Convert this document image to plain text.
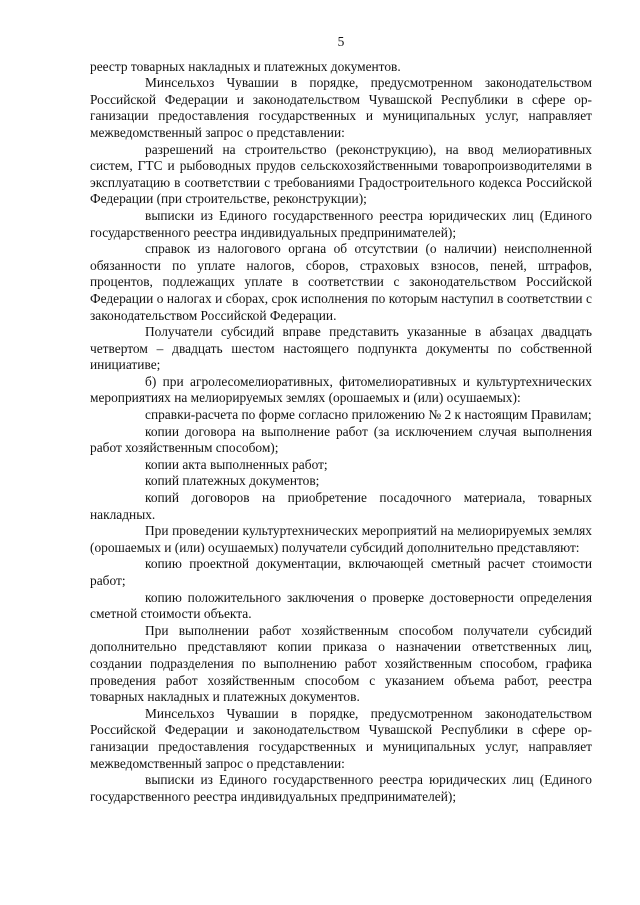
5

реестр товарных накладных и платежных документов.

Минсельхоз Чувашии в порядке, предусмотренном законодательством Российской Федерации и законодательством Чувашской Республики в сфере организации предоставления государственных и муниципальных услуг, направляет межведомственный запрос о представлении:

разрешений на строительство (реконструкцию), на ввод мелиоративных систем, ГТС и рыбоводных прудов сельскохозяйственными товаропроизводителями в эксплуатацию в соответствии с требованиями Градостроительного кодекса Российской Федерации (при строительстве, реконструкции);

выписки из Единого государственного реестра юридических лиц (Единого государственного реестра индивидуальных предпринимателей);

справок из налогового органа об отсутствии (о наличии) неисполненной обязанности по уплате налогов, сборов, страховых взносов, пеней, штрафов, процентов, подлежащих уплате в соответствии с законодательством Российской Федерации о налогах и сборах, срок исполнения по которым наступил в соответствии с законодательством Российской Федерации.

Получатели субсидий вправе представить указанные в абзацах двадцать четвертом – двадцать шестом настоящего подпункта документы по собственной инициативе;

б) при агролесомелиоративных, фитомелиоративных и культуртехнических мероприятиях на мелиорируемых землях (орошаемых и (или) осушаемых):

справки-расчета по форме согласно приложению № 2 к настоящим Правилам;

копии договора на выполнение работ (за исключением случая выполнения работ хозяйственным способом);

копии акта выполненных работ;

копий платежных документов;

копий договоров на приобретение посадочного материала, товарных накладных.

При проведении культуртехнических мероприятий на мелиорируемых землях (орошаемых и (или) осушаемых) получатели субсидий дополнительно представляют:

копию проектной документации, включающей сметный расчет стоимости работ;

копию положительного заключения о проверке достоверности определения сметной стоимости объекта.

При выполнении работ хозяйственным способом получатели субсидий дополнительно представляют копии приказа о назначении ответственных лиц, создании подразделения по выполнению работ хозяйственным способом, графика проведения работ хозяйственным способом с указанием объема работ, реестра товарных накладных и платежных документов.

Минсельхоз Чувашии в порядке, предусмотренном законодательством Российской Федерации и законодательством Чувашской Республики в сфере организации предоставления государственных и муниципальных услуг, направляет межведомственный запрос о представлении:

выписки из Единого государственного реестра юридических лиц (Единого государственного реестра индивидуальных предпринимателей);
